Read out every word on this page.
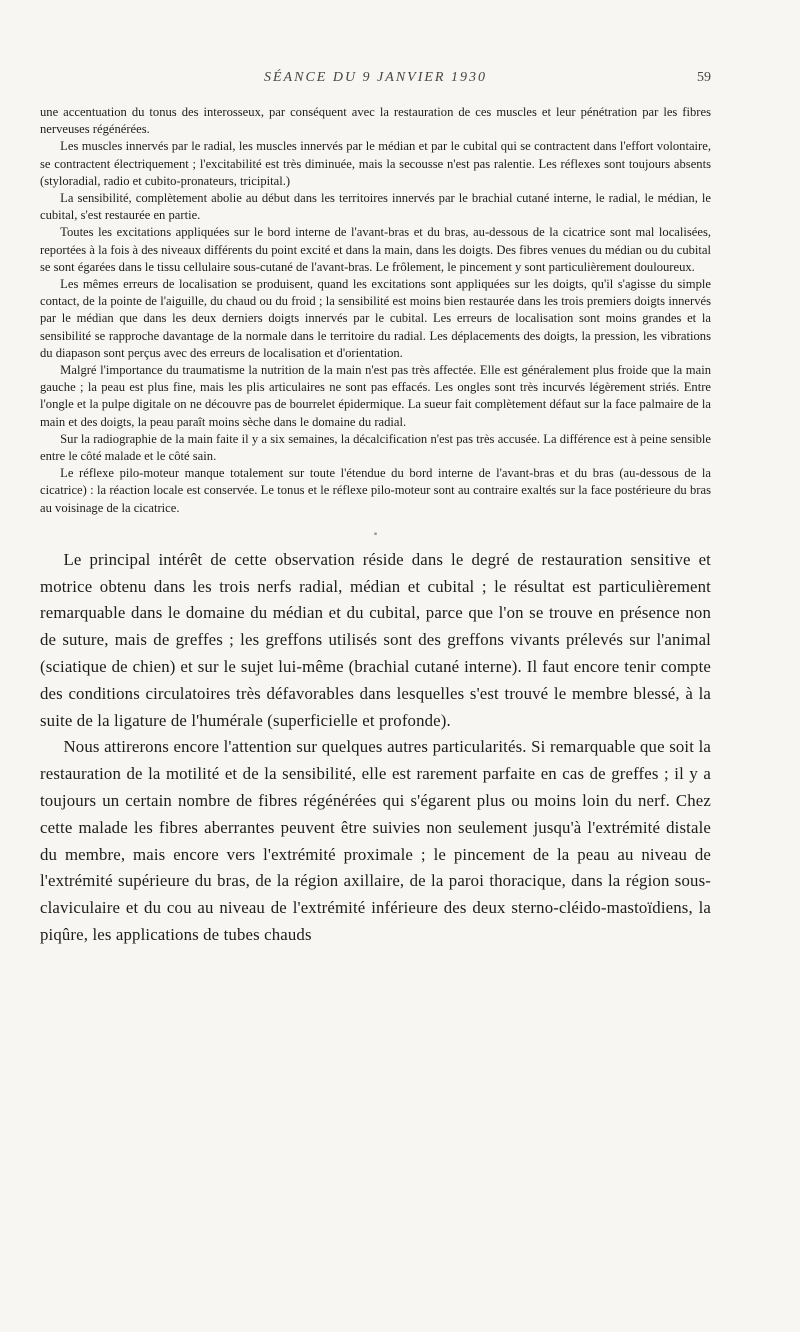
SÉANCE DU 9 JANVIER 1930	59

une accentuation du tonus des interosseux, par conséquent avec la restauration de ces muscles et leur pénétration par les fibres nerveuses régénérées.

Les muscles innervés par le radial, les muscles innervés par le médian et par le cubital qui se contractent dans l'effort volontaire, se contractent électriquement ; l'excitabilité est très diminuée, mais la secousse n'est pas ralentie. Les réflexes sont toujours absents (styloradial, radio et cubito-pronateurs, tricipital.)

La sensibilité, complètement abolie au début dans les territoires innervés par le brachial cutané interne, le radial, le médian, le cubital, s'est restaurée en partie.

Toutes les excitations appliquées sur le bord interne de l'avant-bras et du bras, au-dessous de la cicatrice sont mal localisées, reportées à la fois à des niveaux différents du point excité et dans la main, dans les doigts. Des fibres venues du médian ou du cubital se sont égarées dans le tissu cellulaire sous-cutané de l'avant-bras. Le frôlement, le pincement y sont particulièrement douloureux.

Les mêmes erreurs de localisation se produisent, quand les excitations sont appliquées sur les doigts, qu'il s'agisse du simple contact, de la pointe de l'aiguille, du chaud ou du froid ; la sensibilité est moins bien restaurée dans les trois premiers doigts innervés par le médian que dans les deux derniers doigts innervés par le cubital. Les erreurs de localisation sont moins grandes et la sensibilité se rapproche davantage de la normale dans le territoire du radial. Les déplacements des doigts, la pression, les vibrations du diapason sont perçus avec des erreurs de localisation et d'orientation.

Malgré l'importance du traumatisme la nutrition de la main n'est pas très affectée. Elle est généralement plus froide que la main gauche ; la peau est plus fine, mais les plis articulaires ne sont pas effacés. Les ongles sont très incurvés légèrement striés. Entre l'ongle et la pulpe digitale on ne découvre pas de bourrelet épidermique. La sueur fait complètement défaut sur la face palmaire de la main et des doigts, la peau paraît moins sèche dans le domaine du radial.

Sur la radiographie de la main faite il y a six semaines, la décalcification n'est pas très accusée. La différence est à peine sensible entre le côté malade et le côté sain.

Le réflexe pilo-moteur manque totalement sur toute l'étendue du bord interne de l'avant-bras et du bras (au-dessous de la cicatrice) : la réaction locale est conservée. Le tonus et le réflexe pilo-moteur sont au contraire exaltés sur la face postérieure du bras au voisinage de la cicatrice.

▪

Le principal intérêt de cette observation réside dans le degré de restauration sensitive et motrice obtenu dans les trois nerfs radial, médian et cubital ; le résultat est particulièrement remarquable dans le domaine du médian et du cubital, parce que l'on se trouve en présence non de suture, mais de greffes ; les greffons utilisés sont des greffons vivants prélevés sur l'animal (sciatique de chien) et sur le sujet lui-même (brachial cutané interne). Il faut encore tenir compte des conditions circulatoires très défavorables dans lesquelles s'est trouvé le membre blessé, à la suite de la ligature de l'humérale (superficielle et profonde).

Nous attirerons encore l'attention sur quelques autres particularités. Si remarquable que soit la restauration de la motilité et de la sensibilité, elle est rarement parfaite en cas de greffes ; il y a toujours un certain nombre de fibres régénérées qui s'égarent plus ou moins loin du nerf. Chez cette malade les fibres aberrantes peuvent être suivies non seulement jusqu'à l'extrémité distale du membre, mais encore vers l'extrémité proximale ; le pincement de la peau au niveau de l'extrémité supérieure du bras, de la région axillaire, de la paroi thoracique, dans la région sous-claviculaire et du cou au niveau de l'extrémité inférieure des deux sterno-cléido-mastoïdiens, la piqûre, les applications de tubes chauds
